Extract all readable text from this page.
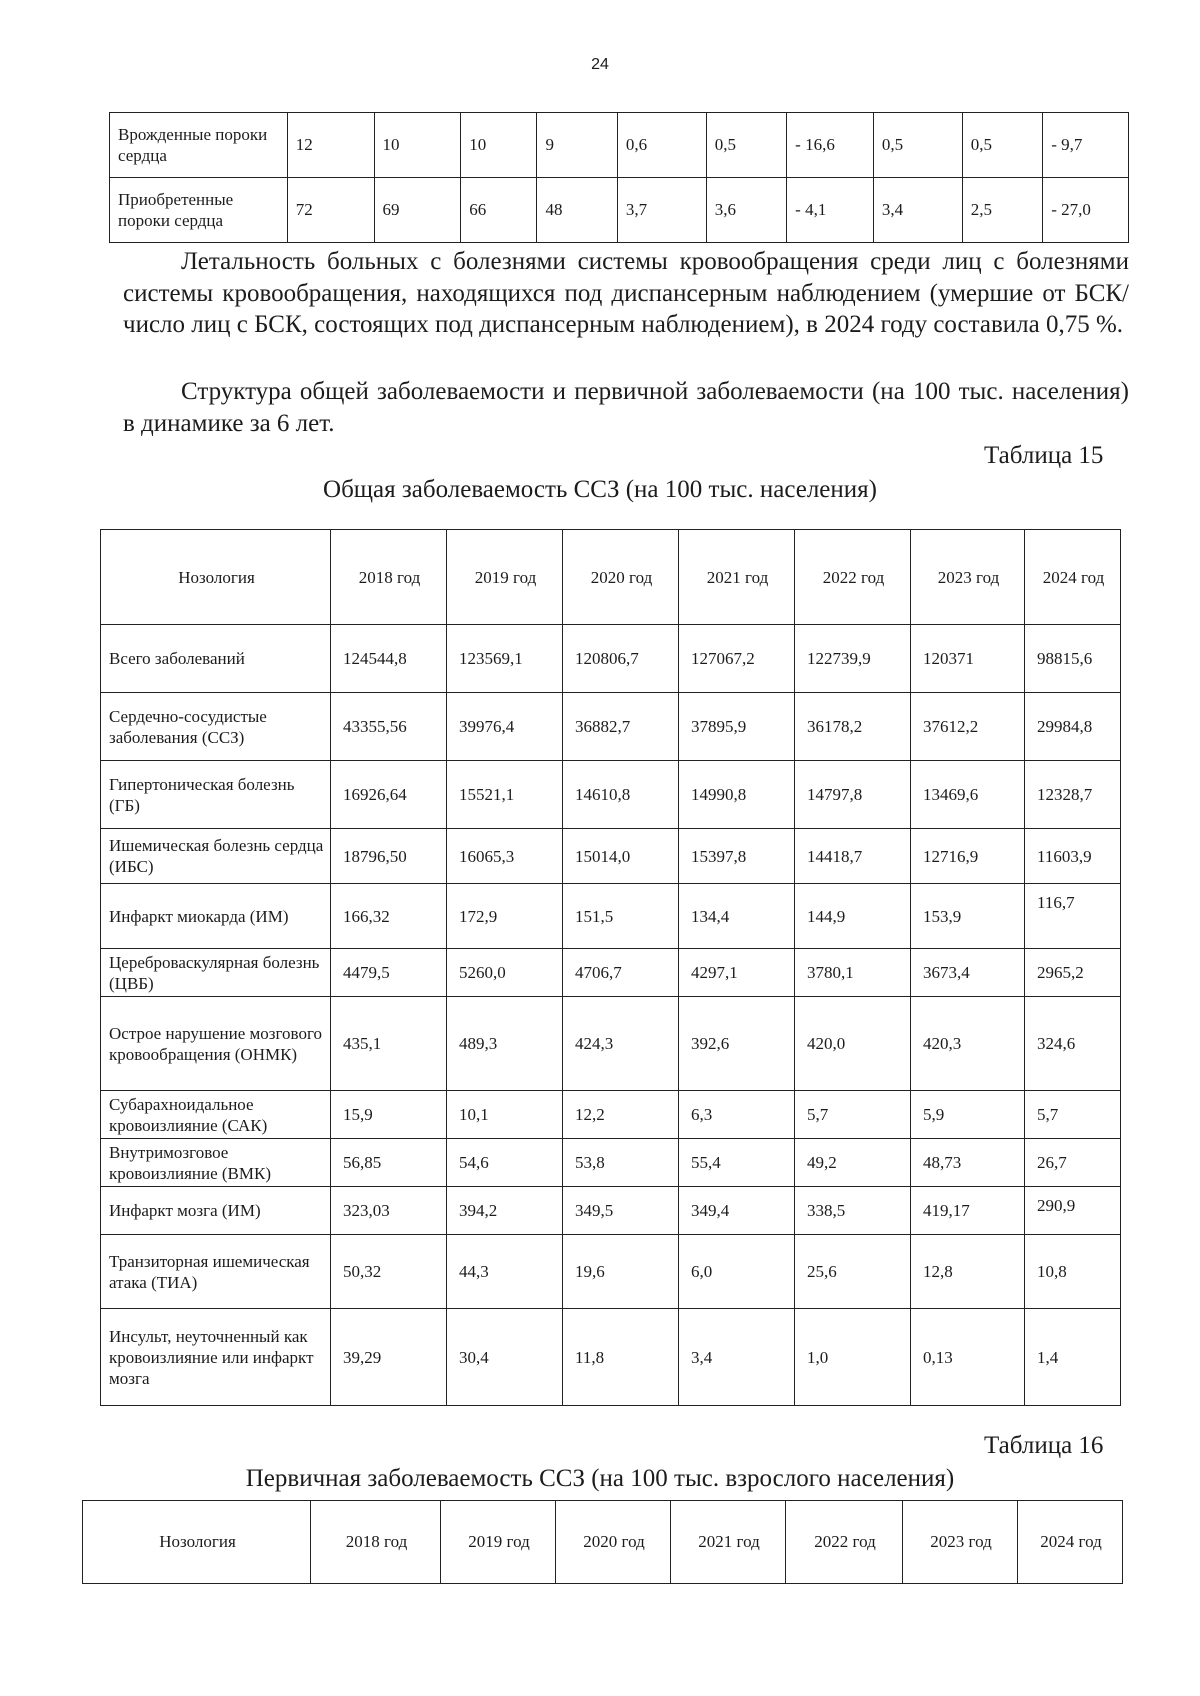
24
Врожденные пороки сердца	12	10	10	9	0,6	0,5	- 16,6	0,5	0,5	- 9,7
Приобретенные пороки сердца	72	69	66	48	3,7	3,6	- 4,1	3,4	2,5	- 27,0

Летальность больных с болезнями системы кровообращения среди лиц с болезнями системы кровообращения, находящихся под диспансерным наблюдением (умершие от БСК/число лиц с БСК, состоящих под диспансерным наблюдением), в 2024 году составила 0,75 %.

Структура общей заболеваемости и первичной заболеваемости (на 100 тыс. населения) в динамике за 6 лет.

Таблица 15
Общая заболеваемость ССЗ (на 100 тыс. населения)
Нозология	2018 год	2019 год	2020 год	2021 год	2022 год	2023 год	2024 год
Всего заболеваний	124544,8	123569,1	120806,7	127067,2	122739,9	120371	98815,6
Сердечно-сосудистые заболевания (ССЗ)	43355,56	39976,4	36882,7	37895,9	36178,2	37612,2	29984,8
Гипертоническая болезнь (ГБ)	16926,64	15521,1	14610,8	14990,8	14797,8	13469,6	12328,7
Ишемическая болезнь сердца (ИБС)	18796,50	16065,3	15014,0	15397,8	14418,7	12716,9	11603,9
Инфаркт миокарда (ИМ)	166,32	172,9	151,5	134,4	144,9	153,9	116,7
Цереброваскулярная болезнь (ЦВБ)	4479,5	5260,0	4706,7	4297,1	3780,1	3673,4	2965,2
Острое нарушение мозгового кровообращения (ОНМК)	435,1	489,3	424,3	392,6	420,0	420,3	324,6
Субарахноидальное кровоизлияние (САК)	15,9	10,1	12,2	6,3	5,7	5,9	5,7
Внутримозговое кровоизлияние (ВМК)	56,85	54,6	53,8	55,4	49,2	48,73	26,7
Инфаркт мозга (ИМ)	323,03	394,2	349,5	349,4	338,5	419,17	290,9
Транзиторная ишемическая атака (ТИА)	50,32	44,3	19,6	6,0	25,6	12,8	10,8
Инсульт, неуточненный как кровоизлияние или инфаркт мозга	39,29	30,4	11,8	3,4	1,0	0,13	1,4
Таблица 16
Первичная заболеваемость ССЗ (на 100 тыс. взрослого населения)
Нозология	2018 год	2019 год	2020 год	2021 год	2022 год	2023 год	2024 год
